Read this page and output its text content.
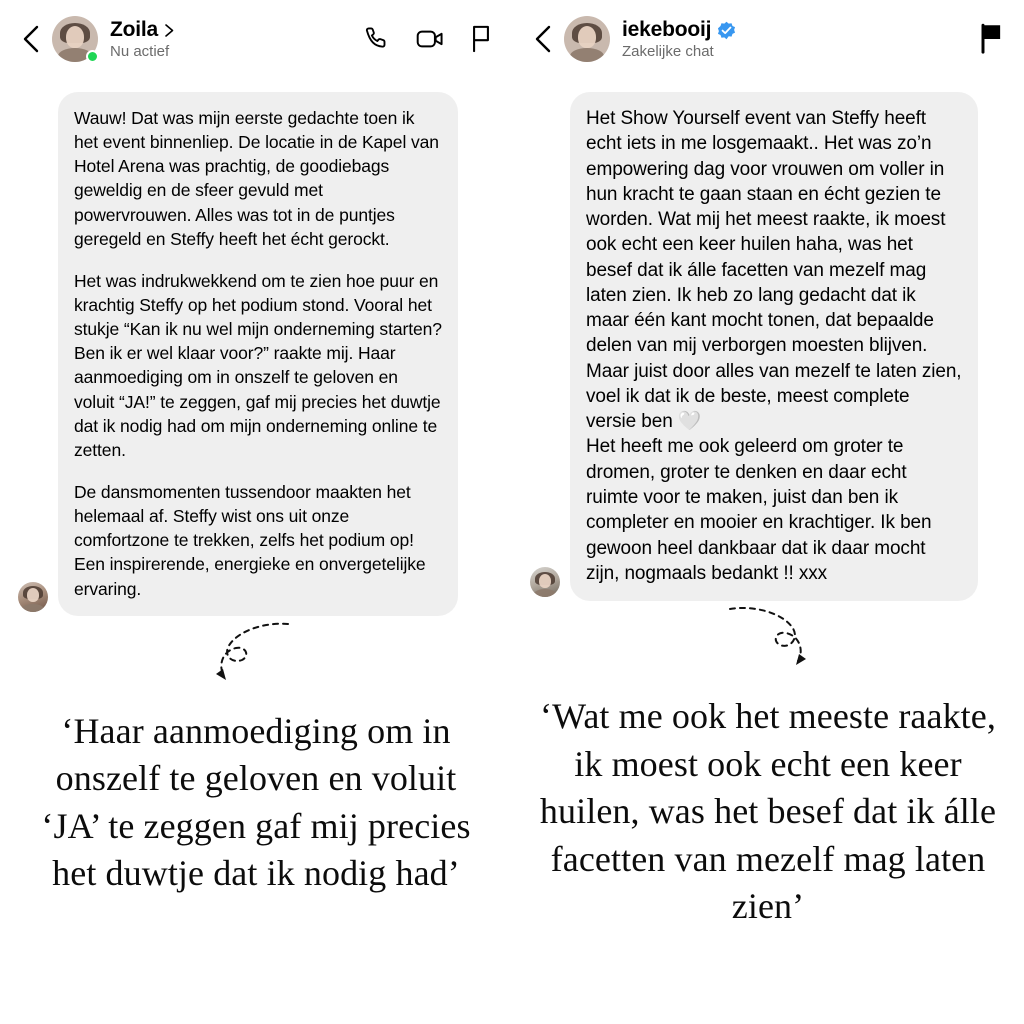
Zoila
Nu actief

Wauw! Dat was mijn eerste gedachte toen ik het event binnenliep. De locatie in de Kapel van Hotel Arena was prachtig, de goodiebags geweldig en de sfeer gevuld met powervrouwen. Alles was tot in de puntjes geregeld en Steffy heeft het écht gerockt.

Het was indrukwekkend om te zien hoe puur en krachtig Steffy op het podium stond. Vooral het stukje “Kan ik nu wel mijn onderneming starten? Ben ik er wel klaar voor?” raakte mij. Haar aanmoediging om in onszelf te geloven en voluit “JA!” te zeggen, gaf mij precies het duwtje dat ik nodig had om mijn onderneming online te zetten.

De dansmomenten tussendoor maakten het helemaal af. Steffy wist ons uit onze comfortzone te trekken, zelfs het podium op! Een inspirerende, energieke en onvergetelijke ervaring.

‘Haar aanmoediging om in onszelf te geloven en voluit ‘JA’ te zeggen gaf mij precies het duwtje dat ik nodig had’
iekebooij
Zakelijke chat

Het Show Yourself event van Steffy heeft echt iets in me losgemaakt.. Het was zo’n empowering dag voor vrouwen om voller in hun kracht te gaan staan en écht gezien te worden. Wat mij het meest raakte, ik moest ook echt een keer huilen haha, was het besef dat ik álle facetten van mezelf mag laten zien. Ik heb zo lang gedacht dat ik maar één kant mocht tonen, dat bepaalde delen van mij verborgen moesten blijven. Maar juist door alles van mezelf te laten zien, voel ik dat ik de beste, meest complete versie ben 🤍

Het heeft me ook geleerd om groter te dromen, groter te denken en daar echt ruimte voor te maken, juist dan ben ik completer en mooier en krachtiger. Ik ben gewoon heel dankbaar dat ik daar mocht zijn, nogmaals bedankt !! xxx

‘Wat me ook het meeste raakte, ik moest ook echt een keer huilen, was het besef dat ik álle facetten van mezelf mag laten zien’
